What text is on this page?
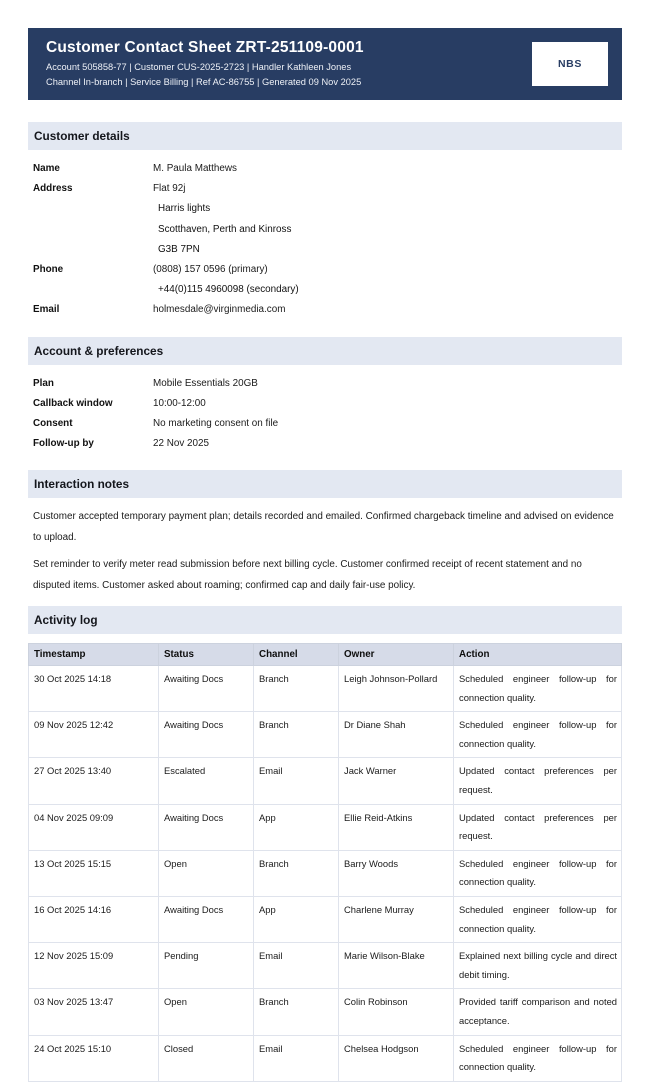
Customer Contact Sheet ZRT-251109-0001
Account 505858-77 | Customer CUS-2025-2723 | Handler Kathleen Jones
Channel In-branch | Service Billing | Ref AC-86755 | Generated 09 Nov 2025
NBS
Customer details
Name	M. Paula Matthews
Address	Flat 92j
Harris lights
Scotthaven, Perth and Kinross
G3B 7PN
Phone	(0808) 157 0596 (primary)
+44(0)115 4960098 (secondary)
Email	holmesdale@virginmedia.com
Account & preferences
Plan	Mobile Essentials 20GB
Callback window	10:00-12:00
Consent	No marketing consent on file
Follow-up by	22 Nov 2025
Interaction notes

Customer accepted temporary payment plan; details recorded and emailed. Confirmed chargeback timeline and advised on evidence to upload.

Set reminder to verify meter read submission before next billing cycle. Customer confirmed receipt of recent statement and no disputed items. Customer asked about roaming; confirmed cap and daily fair-use policy.

Activity log
Timestamp	Status	Channel	Owner	Action
30 Oct 2025 14:18	Awaiting Docs	Branch	Leigh Johnson-Pollard	Scheduled engineer follow-up for connection quality.
09 Nov 2025 12:42	Awaiting Docs	Branch	Dr Diane Shah	Scheduled engineer follow-up for connection quality.
27 Oct 2025 13:40	Escalated	Email	Jack Warner	Updated contact preferences per request.
04 Nov 2025 09:09	Awaiting Docs	App	Ellie Reid-Atkins	Updated contact preferences per request.
13 Oct 2025 15:15	Open	Branch	Barry Woods	Scheduled engineer follow-up for connection quality.
16 Oct 2025 14:16	Awaiting Docs	App	Charlene Murray	Scheduled engineer follow-up for connection quality.
12 Nov 2025 15:09	Pending	Email	Marie Wilson-Blake	Explained next billing cycle and direct debit timing.
03 Nov 2025 13:47	Open	Branch	Colin Robinson	Provided tariff comparison and noted acceptance.
24 Oct 2025 15:10	Closed	Email	Chelsea Hodgson	Scheduled engineer follow-up for connection quality.
